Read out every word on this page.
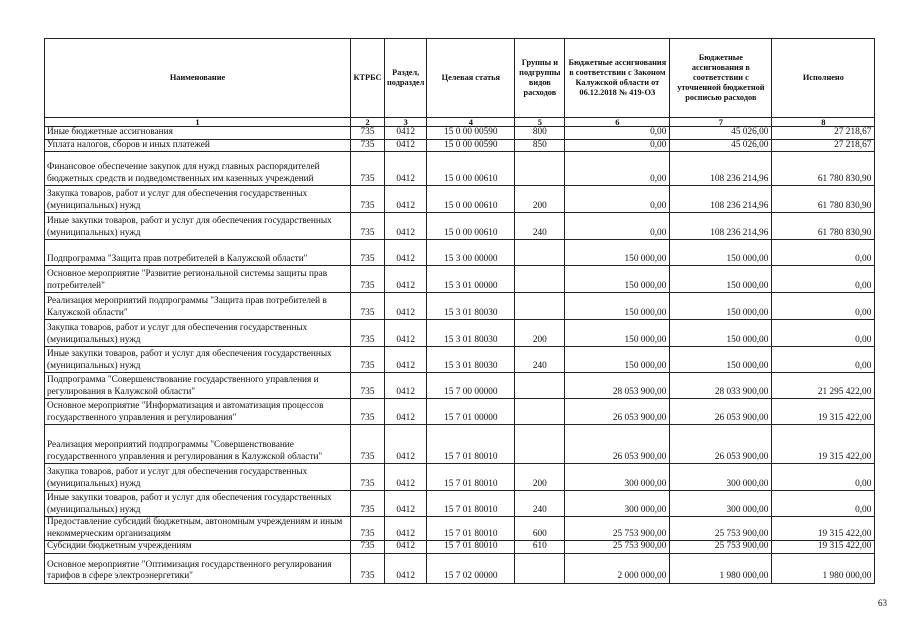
Наименование	КТРБС	Раздел, подраздел	Целевая статья	Группы и подгруппы видов расходов	Бюджетные ассигнования в соответствии с Законом Калужской области от 06.12.2018 № 419-ОЗ	Бюджетные ассигнования в соответствии с уточненной бюджетной росписью расходов	Исполнено
1	2	3	4	5	6	7	8
Иные бюджетные ассигнования	735	0412	15 0 00 00590	800	0,00	45 026,00	27 218,67
Уплата налогов, сборов и иных платежей	735	0412	15 0 00 00590	850	0,00	45 026,00	27 218,67
Финансовое обеспечение закупок для нужд главных распорядителей бюджетных средств и подведомственных им казенных учреждений	735	0412	15 0 00 00610		0,00	108 236 214,96	61 780 830,90
Закупка товаров, работ и услуг для обеспечения государственных (муниципальных) нужд	735	0412	15 0 00 00610	200	0,00	108 236 214,96	61 780 830,90
Иные закупки товаров, работ и услуг для обеспечения государственных (муниципальных) нужд	735	0412	15 0 00 00610	240	0,00	108 236 214,96	61 780 830,90
Подпрограмма "Защита прав потребителей в Калужской области"	735	0412	15 3 00 00000		150 000,00	150 000,00	0,00
Основное мероприятие "Развитие региональной системы защиты прав потребителей"	735	0412	15 3 01 00000		150 000,00	150 000,00	0,00
Реализация мероприятий подпрограммы "Защита прав потребителей в Калужской области"	735	0412	15 3 01 80030		150 000,00	150 000,00	0,00
Закупка товаров, работ и услуг для обеспечения государственных (муниципальных) нужд	735	0412	15 3 01 80030	200	150 000,00	150 000,00	0,00
Иные закупки товаров, работ и услуг для обеспечения государственных (муниципальных) нужд	735	0412	15 3 01 80030	240	150 000,00	150 000,00	0,00
Подпрограмма "Совершенствование государственного управления и регулирования в Калужской области"	735	0412	15 7 00 00000		28 053 900,00	28 033 900,00	21 295 422,00
Основное мероприятие "Информатизация и автоматизация процессов государственного управления и регулирования"	735	0412	15 7 01 00000		26 053 900,00	26 053 900,00	19 315 422,00
Реализация мероприятий подпрограммы "Совершенствование государственного управления и регулирования в Калужской области"	735	0412	15 7 01 80010		26 053 900,00	26 053 900,00	19 315 422,00
Закупка товаров, работ и услуг для обеспечения государственных (муниципальных) нужд	735	0412	15 7 01 80010	200	300 000,00	300 000,00	0,00
Иные закупки товаров, работ и услуг для обеспечения государственных (муниципальных) нужд	735	0412	15 7 01 80010	240	300 000,00	300 000,00	0,00
Предоставление субсидий бюджетным, автономным учреждениям и иным некоммерческим организациям	735	0412	15 7 01 80010	600	25 753 900,00	25 753 900,00	19 315 422,00
Субсидии бюджетным учреждениям	735	0412	15 7 01 80010	610	25 753 900,00	25 753 900,00	19 315 422,00
Основное мероприятие "Оптимизация государственного регулирования тарифов в сфере электроэнергетики"	735	0412	15 7 02 00000		2 000 000,00	1 980 000,00	1 980 000,00
63
